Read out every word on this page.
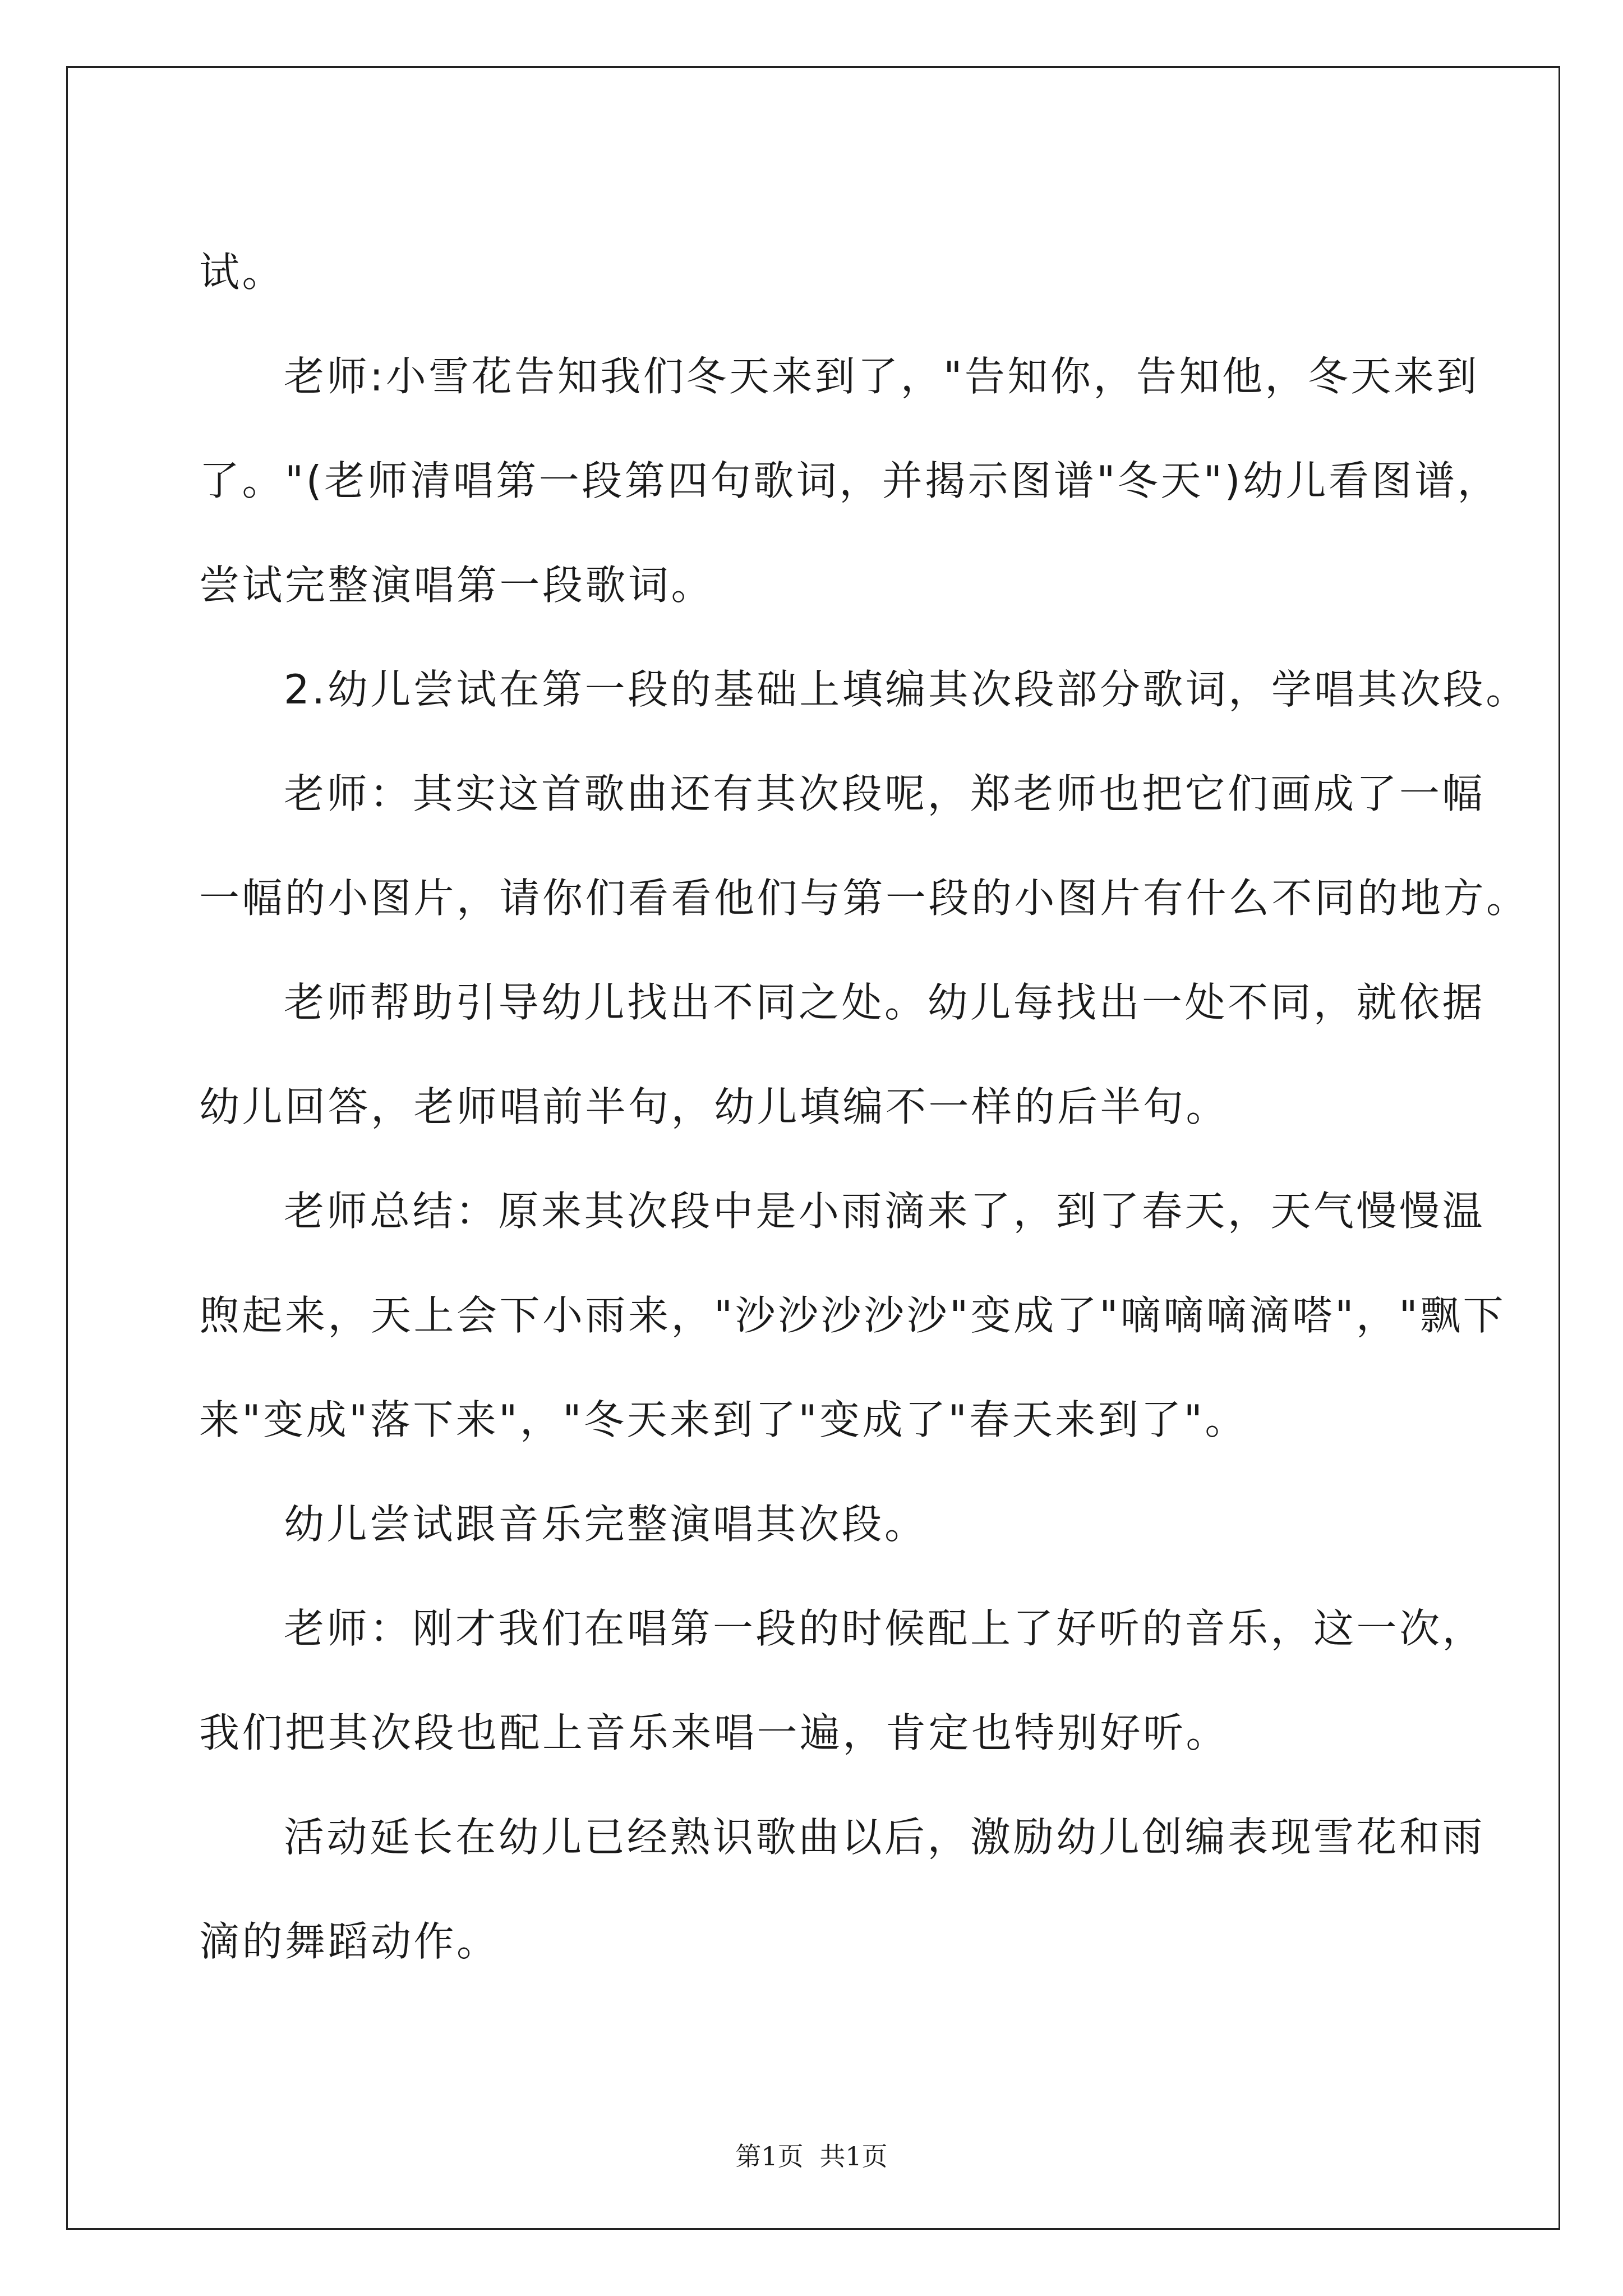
试。

老师:小雪花告知我们冬天来到了，"告知你，告知他，冬天来到

了。"(老师清唱第一段第四句歌词，并揭示图谱"冬天")幼儿看图谱，

尝试完整演唱第一段歌词。

2.幼儿尝试在第一段的基础上填编其次段部分歌词，学唱其次段。

老师：其实这首歌曲还有其次段呢，郑老师也把它们画成了一幅

一幅的小图片，请你们看看他们与第一段的小图片有什么不同的地方。

老师帮助引导幼儿找出不同之处。幼儿每找出一处不同，就依据

幼儿回答，老师唱前半句，幼儿填编不一样的后半句。

老师总结：原来其次段中是小雨滴来了，到了春天，天气慢慢温

煦起来，天上会下小雨来，"沙沙沙沙沙"变成了"嘀嘀嘀滴嗒"，"飘下

来"变成"落下来"，"冬天来到了"变成了"春天来到了"。

幼儿尝试跟音乐完整演唱其次段。

老师：刚才我们在唱第一段的时候配上了好听的音乐，这一次，

我们把其次段也配上音乐来唱一遍，肯定也特别好听。

活动延长在幼儿已经熟识歌曲以后，激励幼儿创编表现雪花和雨

滴的舞蹈动作。

第1页 共1页
